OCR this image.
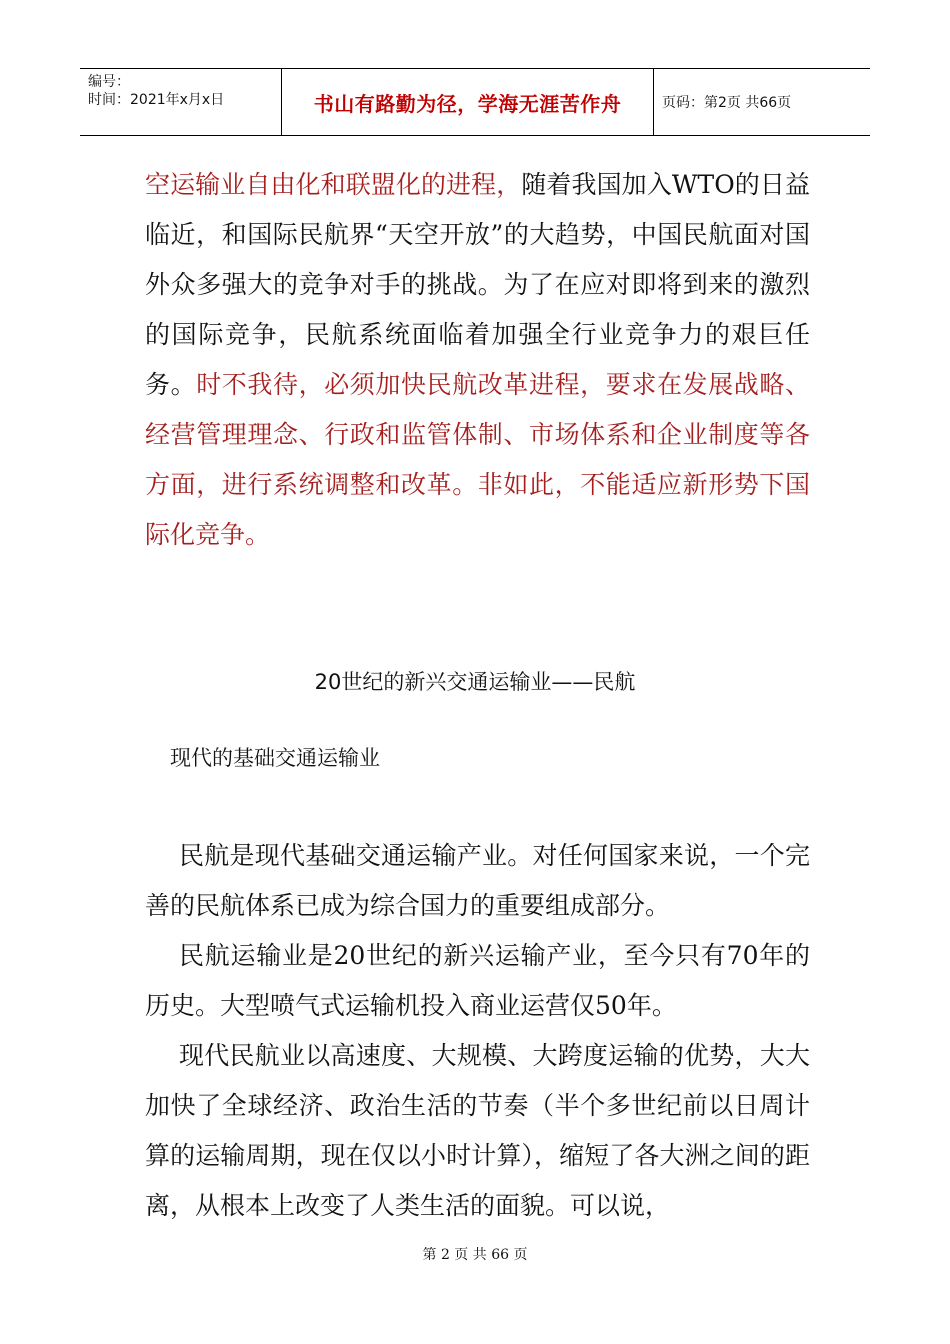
编号：
时间：2021年x月x日	书山有路勤为径，学海无涯苦作舟	页码：第2页 共66页

空运输业自由化和联盟化的进程，随着我国加入WTO的日益临近，和国际民航界“天空开放”的大趋势，中国民航面对国外众多强大的竞争对手的挑战。为了在应对即将到来的激烈的国际竞争，民航系统面临着加强全行业竞争力的艰巨任务。时不我待，必须加快民航改革进程，要求在发展战略、经营管理理念、行政和监管体制、市场体系和企业制度等各方面，进行系统调整和改革。非如此，不能适应新形势下国际化竞争。

20世纪的新兴交通运输业——民航
现代的基础交通运输业

民航是现代基础交通运输产业。对任何国家来说，一个完善的民航体系已成为综合国力的重要组成部分。

民航运输业是20世纪的新兴运输产业，至今只有70年的历史。大型喷气式运输机投入商业运营仅50年。

现代民航业以高速度、大规模、大跨度运输的优势，大大加快了全球经济、政治生活的节奏（半个多世纪前以日周计算的运输周期，现在仅以小时计算），缩短了各大洲之间的距离，从根本上改变了人类生活的面貌。可以说，

第 2 页 共 66 页
